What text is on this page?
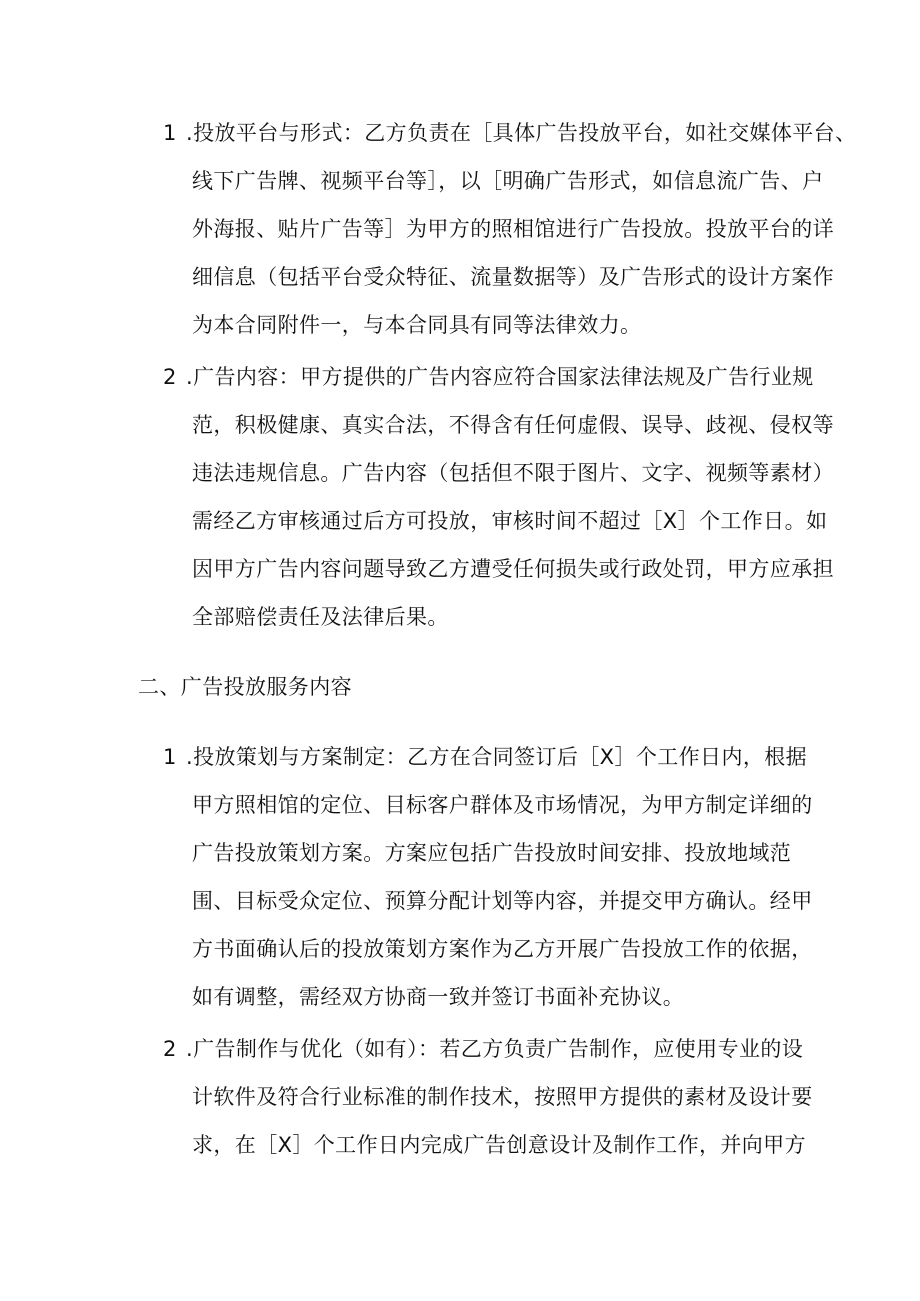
1 .投放平台与形式：乙方负责在［具体广告投放平台，如社交媒体平台、
线下广告牌、视频平台等］，以［明确广告形式，如信息流广告、户
外海报、贴片广告等］为甲方的照相馆进行广告投放。投放平台的详
细信息（包括平台受众特征、流量数据等）及广告形式的设计方案作
为本合同附件一，与本合同具有同等法律效力。
2 .广告内容：甲方提供的广告内容应符合国家法律法规及广告行业规
范，积极健康、真实合法，不得含有任何虚假、误导、歧视、侵权等
违法违规信息。广告内容（包括但不限于图片、文字、视频等素材）
需经乙方审核通过后方可投放，审核时间不超过［X］个工作日。如
因甲方广告内容问题导致乙方遭受任何损失或行政处罚，甲方应承担
全部赔偿责任及法律后果。
二、广告投放服务内容
1 .投放策划与方案制定：乙方在合同签订后［X］个工作日内，根据
甲方照相馆的定位、目标客户群体及市场情况，为甲方制定详细的
广告投放策划方案。方案应包括广告投放时间安排、投放地域范
围、目标受众定位、预算分配计划等内容，并提交甲方确认。经甲
方书面确认后的投放策划方案作为乙方开展广告投放工作的依据，
如有调整，需经双方协商一致并签订书面补充协议。
2 .广告制作与优化（如有）：若乙方负责广告制作，应使用专业的设
计软件及符合行业标准的制作技术，按照甲方提供的素材及设计要
求，在［X］个工作日内完成广告创意设计及制作工作，并向甲方
